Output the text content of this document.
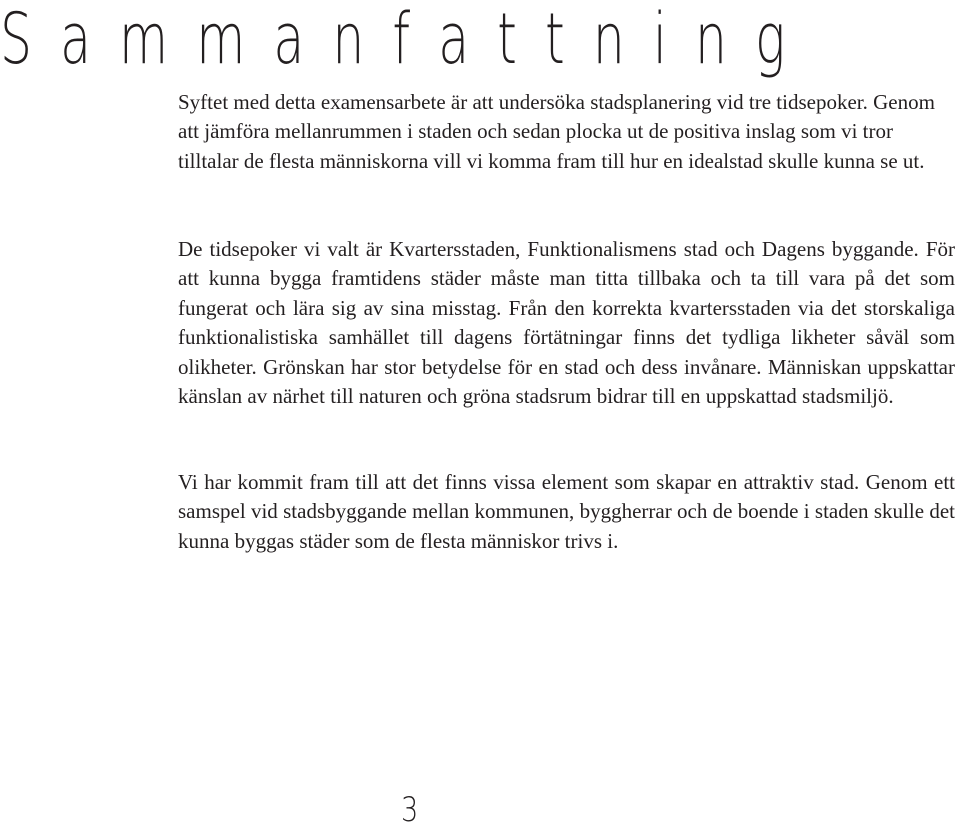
Sammanfattning

Syftet med detta examensarbete är att undersöka stadsplanering vid tre tidsepoker. Genom att jämföra mellanrummen i staden och sedan plocka ut de positiva inslag som vi tror tilltalar de flesta människorna vill vi komma fram till hur en idealstad skulle kunna se ut.

De tidsepoker vi valt är Kvartersstaden, Funktionalismens stad och Dagens byggande. För att kunna bygga framtidens städer måste man titta tillbaka och ta till vara på det som fungerat och lära sig av sina misstag. Från den korrekta kvartersstaden via det storskaliga funktionalistiska samhället till dagens förtätningar finns det tydliga likheter såväl som olikheter. Grönskan har stor betydelse för en stad och dess invånare. Människan uppskattar känslan av närhet till naturen och gröna stadsrum bidrar till en uppskattad stadsmiljö.

Vi har kommit fram till att det finns vissa element som skapar en attraktiv stad. Genom ett samspel vid stadsbyggande mellan kommunen, byggherrar och de boende i staden skulle det kunna byggas städer som de flesta människor trivs i.

3
